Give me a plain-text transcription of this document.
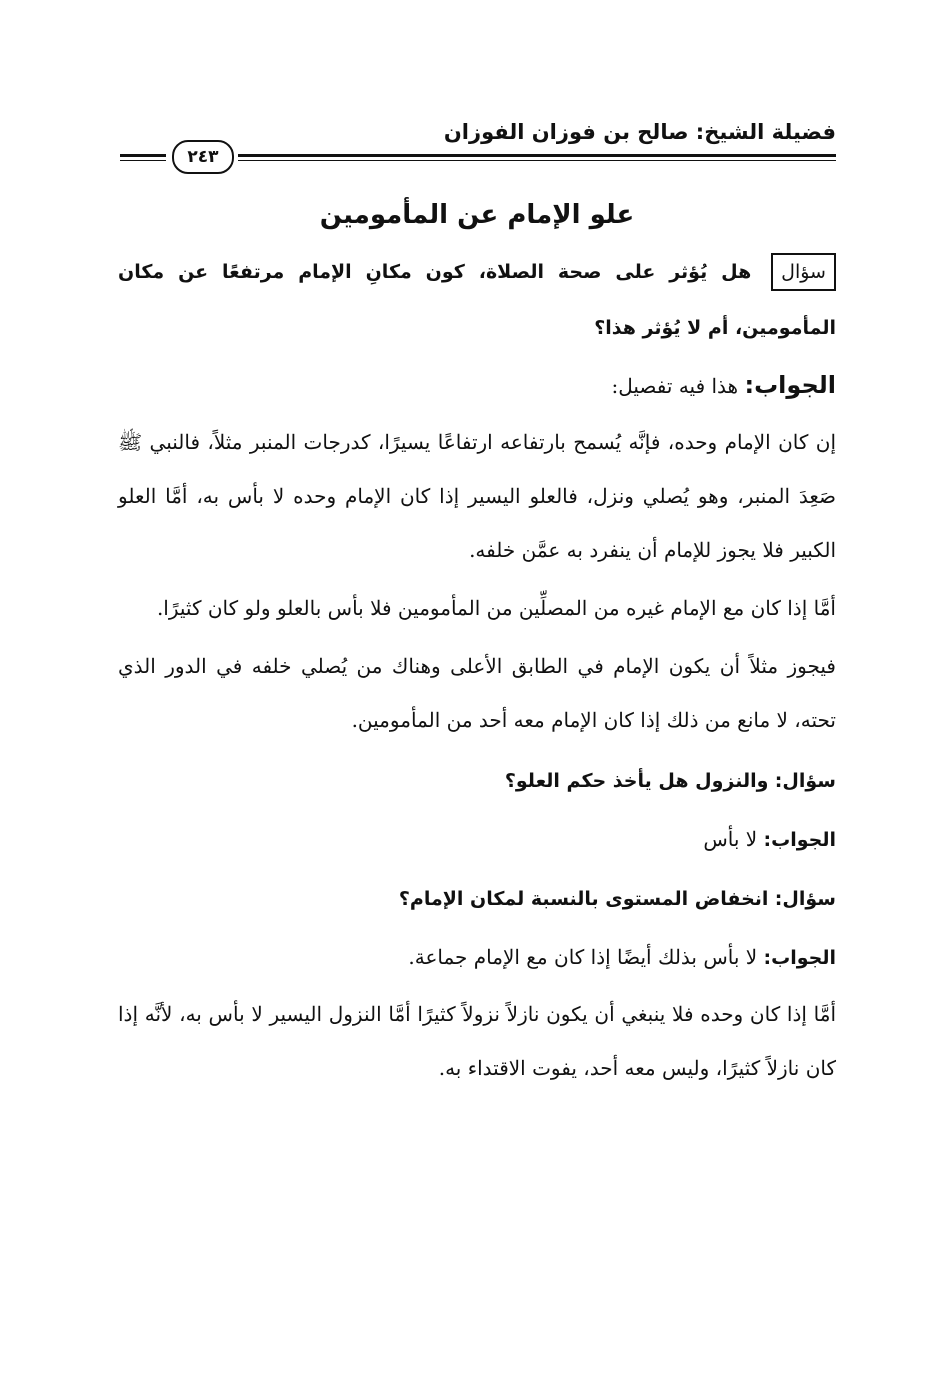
فضيلة الشيخ: صالح بن فوزان الفوزان
٢٤٣
علو الإمام عن المأمومين

سؤال هل يُؤثر على صحة الصلاة، كون مكانِ الإمام مرتفعًا عن مكان المأمومين، أم لا يُؤثر هذا؟

الجواب: هذا فيه تفصيل:

إن كان الإمام وحده، فإنَّه يُسمح بارتفاعه ارتفاعًا يسيرًا، كدرجات المنبر مثلاً، فالنبي ﷺ صَعِدَ المنبر، وهو يُصلي ونزل، فالعلو اليسير إذا كان الإمام وحده لا بأس به، أمَّا العلو الكبير فلا يجوز للإمام أن ينفرد به عمَّن خلفه.

أمَّا إذا كان مع الإمام غيره من المصلِّين من المأمومين فلا بأس بالعلو ولو كان كثيرًا.

فيجوز مثلاً أن يكون الإمام في الطابق الأعلى وهناك من يُصلي خلفه في الدور الذي تحته، لا مانع من ذلك إذا كان الإمام معه أحد من المأمومين.

سؤال: والنزول هل يأخذ حكم العلو؟

الجواب: لا بأس

سؤال: انخفاض المستوى بالنسبة لمكان الإمام؟

الجواب: لا بأس بذلك أيضًا إذا كان مع الإمام جماعة.

أمَّا إذا كان وحده فلا ينبغي أن يكون نازلاً نزولاً كثيرًا أمَّا النزول اليسير لا بأس به، لأنَّه إذا كان نازلاً كثيرًا، وليس معه أحد، يفوت الاقتداء به.
